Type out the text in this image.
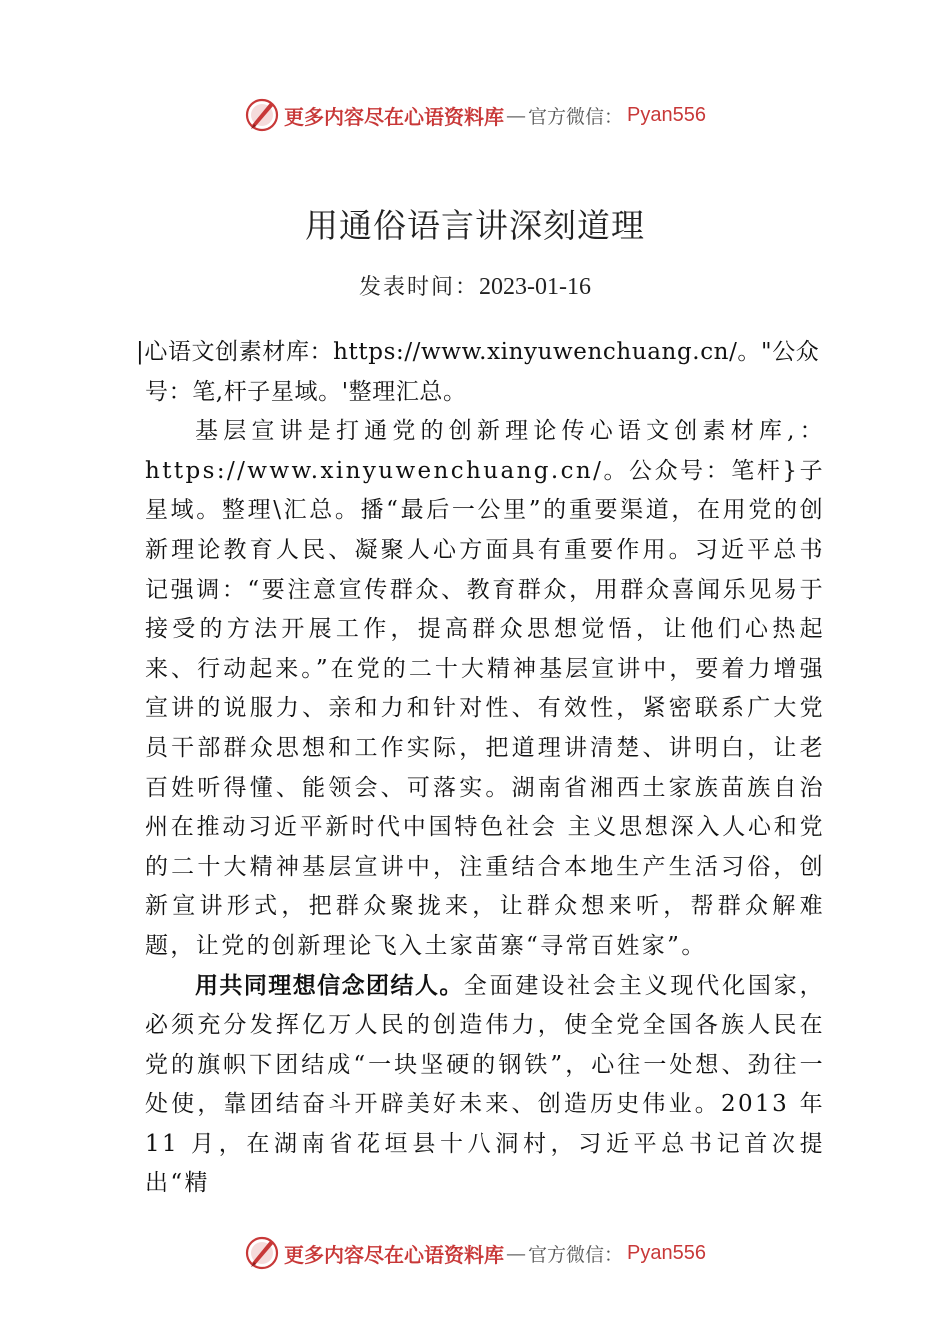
更多内容尽在心语资料库 — 官方微信： Pyan556
用通俗语言讲深刻道理
发表时间：2023-01-16

|心语文创素材库：https://www.xinyuwenchuang.cn/。"公众号：笔,杆子星域。'整理汇总。

基层宣讲是打通党的创新理论传心语文创素材库,：https://www.xinyuwenchuang.cn/。公众号：笔杆}子星域。整理\汇总。播“最后一公里”的重要渠道，在用党的创新理论教育人民、凝聚人心方面具有重要作用。习近平总书记强调：“要注意宣传群众、教育群众，用群众喜闻乐见易于接受的方法开展工作，提高群众思想觉悟，让他们心热起来、行动起来。”在党的二十大精神基层宣讲中，要着力增强宣讲的说服力、亲和力和针对性、有效性，紧密联系广大党员干部群众思想和工作实际，把道理讲清楚、讲明白，让老百姓听得懂、能领会、可落实。湖南省湘西土家族苗族自治州在推动习近平新时代中国特色社会 主义思想深入人心和党的二十大精神基层宣讲中，注重结合本地生产生活习俗，创新宣讲形式，把群众聚拢来，让群众想来听，帮群众解难题，让党的创新理论飞入土家苗寨“寻常百姓家”。

用共同理想信念团结人。全面建设社会主义现代化国家，必须充分发挥亿万人民的创造伟力，使全党全国各族人民在党的旗帜下团结成“一块坚硬的钢铁”，心往一处想、劲往一处使，靠团结奋斗开辟美好未来、创造历史伟业。2013 年 11 月，在湖南省花垣县十八洞村，习近平总书记首次提出“精

更多内容尽在心语资料库 — 官方微信： Pyan556
